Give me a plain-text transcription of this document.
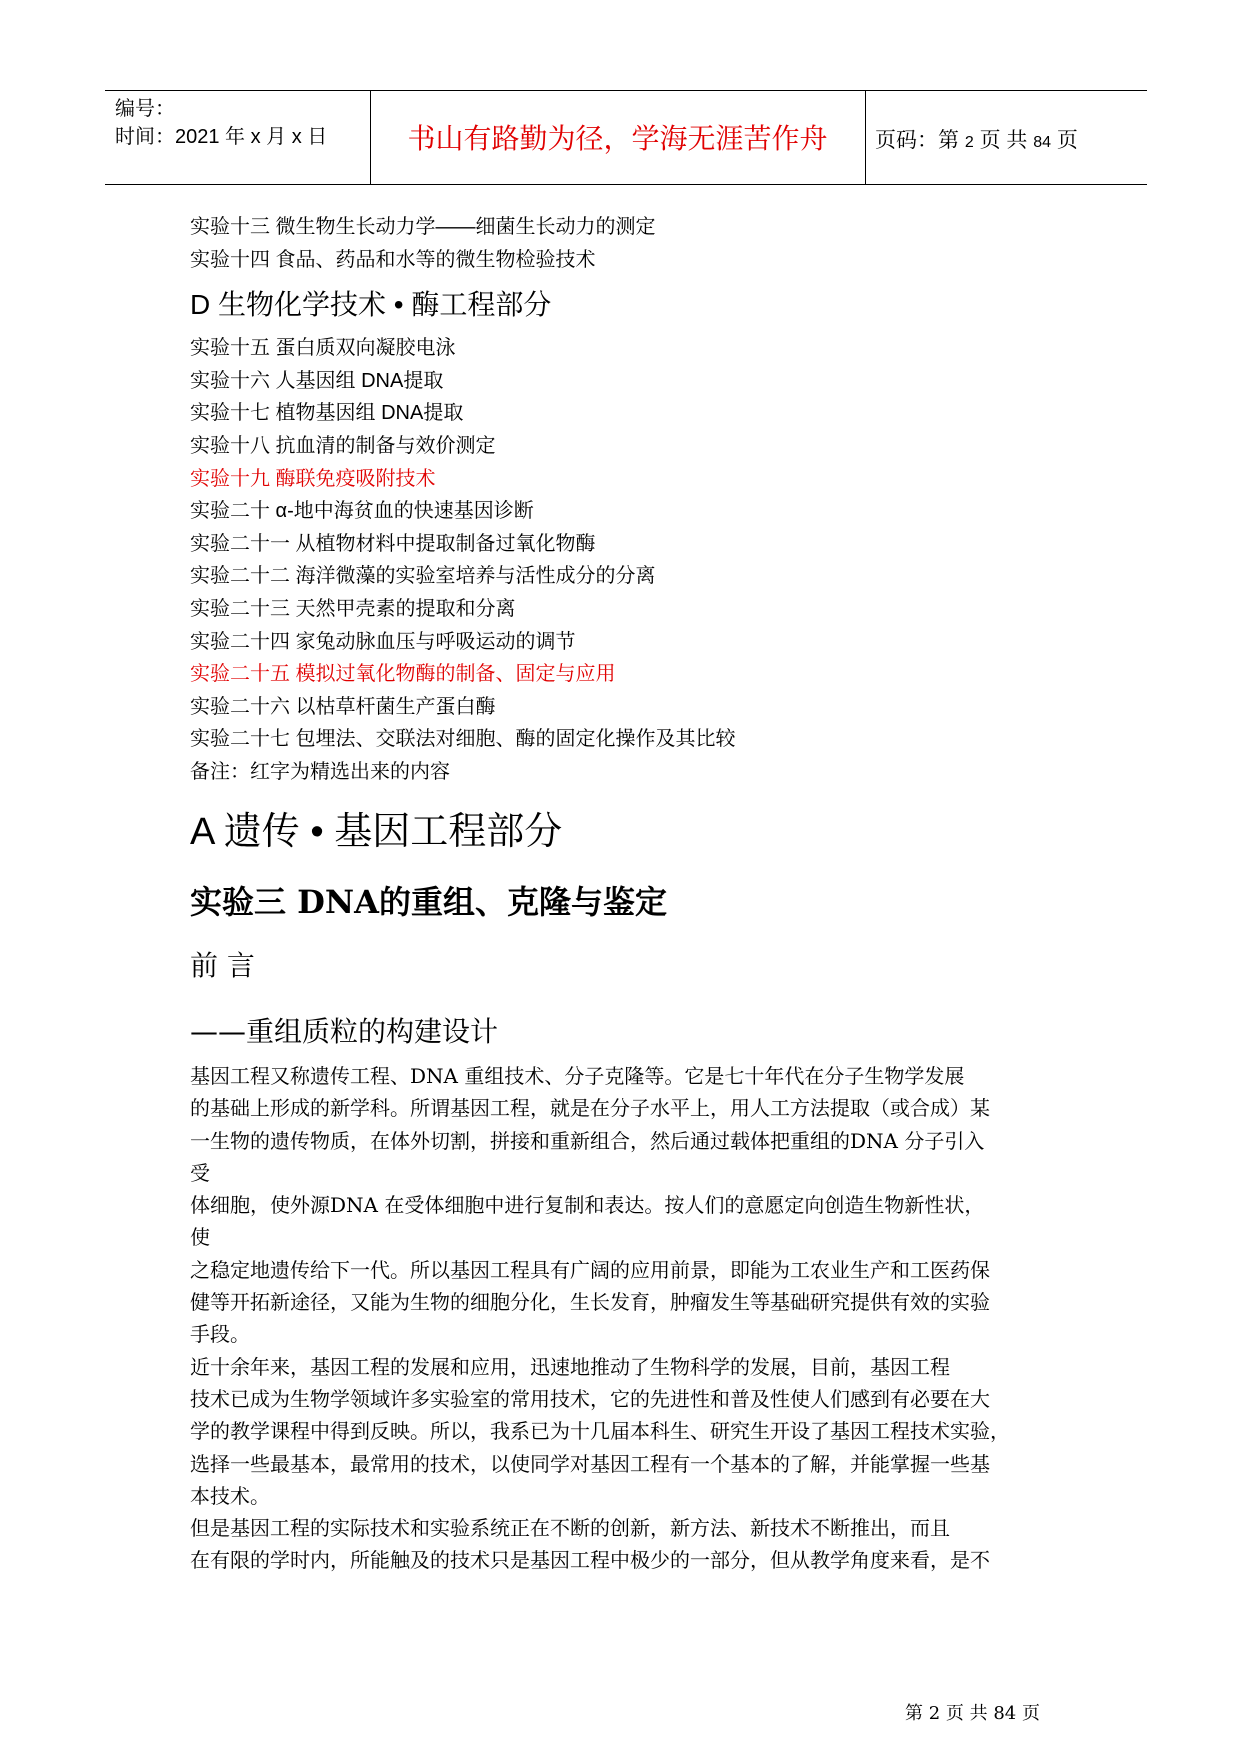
编号：
时间：2021 年 x 月 x 日	书山有路勤为径，学海无涯苦作舟	页码：第 2 页 共 84 页
实验十三 微生物生长动力学——细菌生长动力的测定
实验十四 食品、药品和水等的微生物检验技术
D 生物化学技术 • 酶工程部分
实验十五 蛋白质双向凝胶电泳
实验十六 人基因组 DNA提取
实验十七 植物基因组 DNA提取
实验十八 抗血清的制备与效价测定
实验十九 酶联免疫吸附技术
实验二十 α-地中海贫血的快速基因诊断
实验二十一 从植物材料中提取制备过氧化物酶
实验二十二 海洋微藻的实验室培养与活性成分的分离
实验二十三 天然甲壳素的提取和分离
实验二十四 家兔动脉血压与呼吸运动的调节
实验二十五 模拟过氧化物酶的制备、固定与应用
实验二十六 以枯草杆菌生产蛋白酶
实验二十七 包埋法、交联法对细胞、酶的固定化操作及其比较
备注：红字为精选出来的内容
A 遗传 • 基因工程部分
实验三 DNA的重组、克隆与鉴定
前 言
——重组质粒的构建设计
基因工程又称遗传工程、DNA 重组技术、分子克隆等。它是七十年代在分子生物学发展
的基础上形成的新学科。所谓基因工程，就是在分子水平上，用人工方法提取（或合成）某
一生物的遗传物质，在体外切割，拼接和重新组合，然后通过载体把重组的DNA 分子引入
受
体细胞，使外源DNA 在受体细胞中进行复制和表达。按人们的意愿定向创造生物新性状，
使
之稳定地遗传给下一代。所以基因工程具有广阔的应用前景，即能为工农业生产和工医药保
健等开拓新途径，又能为生物的细胞分化，生长发育，肿瘤发生等基础研究提供有效的实验
手段。
近十余年来，基因工程的发展和应用，迅速地推动了生物科学的发展，目前，基因工程
技术已成为生物学领域许多实验室的常用技术，它的先进性和普及性使人们感到有必要在大
学的教学课程中得到反映。所以，我系已为十几届本科生、研究生开设了基因工程技术实验，
选择一些最基本，最常用的技术，以使同学对基因工程有一个基本的了解，并能掌握一些基
本技术。
但是基因工程的实际技术和实验系统正在不断的创新，新方法、新技术不断推出，而且
在有限的学时内，所能触及的技术只是基因工程中极少的一部分，但从教学角度来看，是不
第 2 页 共 84 页
